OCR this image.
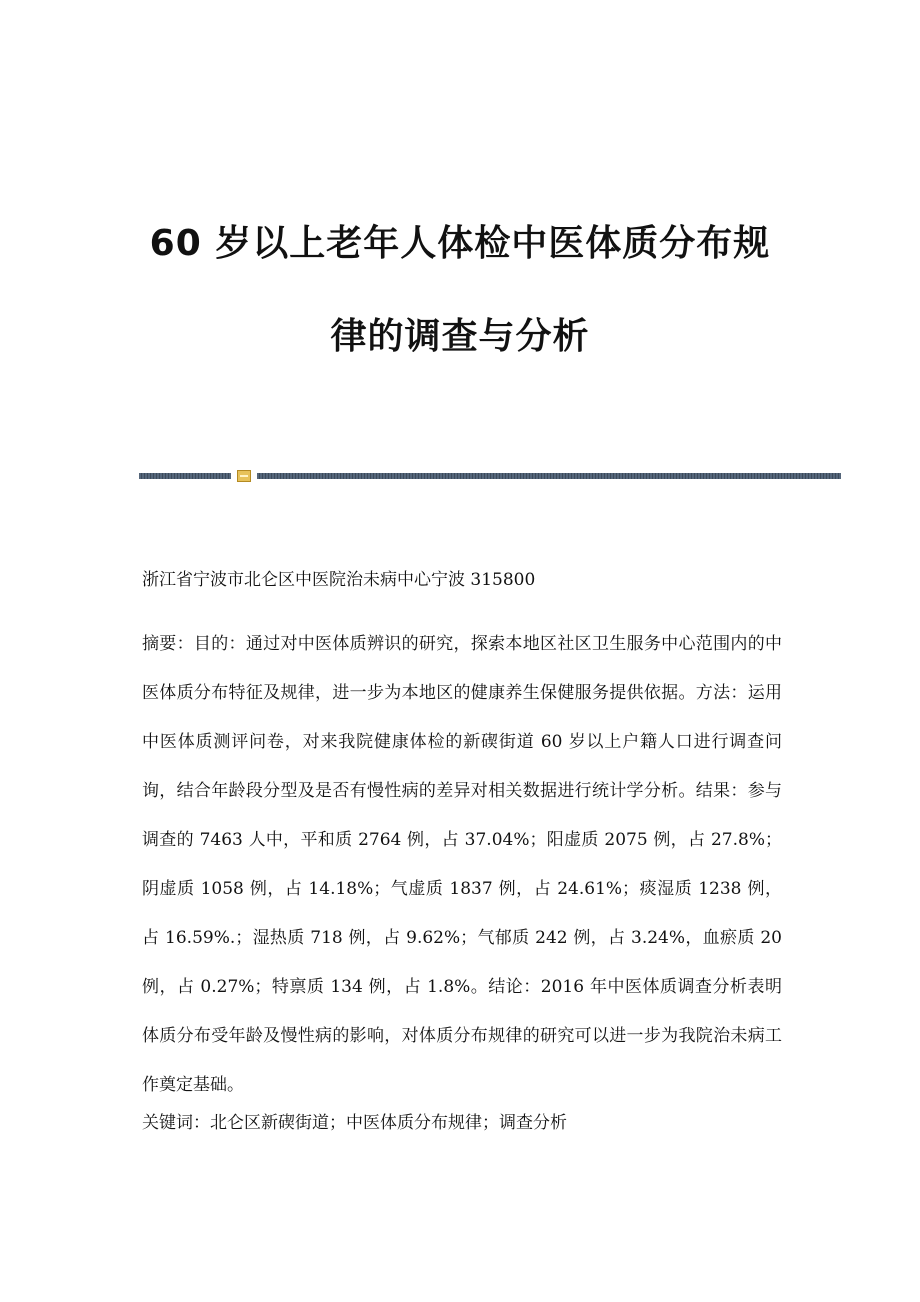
60 岁以上老年人体检中医体质分布规
律的调查与分析

浙江省宁波市北仑区中医院治未病中心宁波 315800

摘要：目的：通过对中医体质辨识的研究，探索本地区社区卫生服务中心范围内的中医体质分布特征及规律，进一步为本地区的健康养生保健服务提供依据。方法：运用中医体质测评问卷，对来我院健康体检的新碶街道 60 岁以上户籍人口进行调查问询，结合年龄段分型及是否有慢性病的差异对相关数据进行统计学分析。结果：参与调查的 7463 人中，平和质 2764 例，占 37.04%；阳虚质 2075 例，占 27.8%；阴虚质 1058 例，占 14.18%；气虚质 1837 例，占 24.61%；痰湿质 1238 例，占 16.59%.；湿热质 718 例，占 9.62%；气郁质 242 例，占 3.24%，血瘀质 20 例，占 0.27%；特禀质 134 例，占 1.8%。结论：2016 年中医体质调查分析表明体质分布受年龄及慢性病的影响，对体质分布规律的研究可以进一步为我院治未病工作奠定基础。

关键词：北仑区新碶街道；中医体质分布规律；调查分析
